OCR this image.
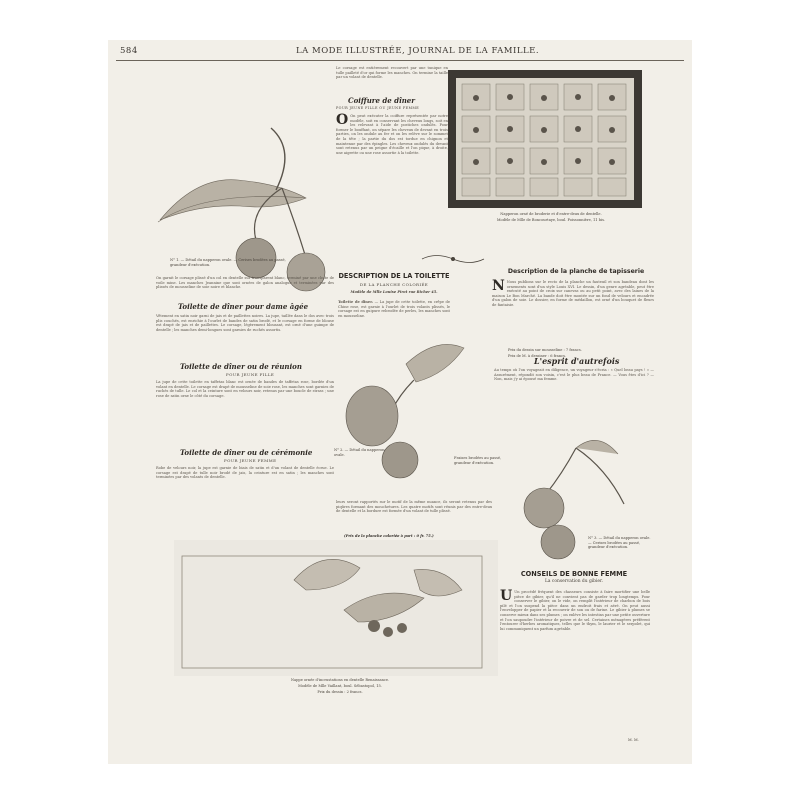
584	LA MODE ILLUSTRÉE, JOURNAL DE LA FAMILLE.
N° 1. — Détail du napperon ovale. — Cerises brodées au passé, grandeur d'exécution.
On garnit le corsage plissé d'un col en dentelle sur transparent blanc, terminé par une chute de voile mine. Les manches Jeannine que sont ornées de galon analogue et terminées par des plissés de mousseline de soie noire et blanche.
Toilette de dîner pour dame âgée
Vêtement en satin noir garni de jais et de paillettes noires. La jupe, taillée dans le dos avec trois plis couchés, est enrichie à l'ourlet de bandes de satin brodé, et le corsage en forme de blouse est drapé de jais et de paillettes. Le corsage, légèrement blousant, est orné d'une guimpe de dentelle ; les manches demi-longues sont garnies de ruchés assortis.
Toilette de dîner ou de réunion
POUR JEUNE FILLE
La jupe de cette toilette en taffetas blanc est ornée de bandes de taffetas rose, bordée d'un volant en dentelle. Le corsage est drapé de mousseline de soie rose, les manches sont garnies de ruchés de tulle. Le col et la ceinture sont en velours noir, retenus par une boucle de strass ; une rose de satin orne le côté du corsage.
Toilette de dîner ou de cérémonie
POUR JEUNE FEMME
Robe de velours noir, la jupe est garnie de biais de satin et d'un volant de dentelle écrue. Le corsage est drapé de tulle noir brodé de jais, la ceinture est en satin ; les manches sont terminées par des volants de dentelle.
Le corsage est entièrement recouvert par une tunique en tulle pailleté d'or qui forme les manches. On termine la taille par un volant de dentelle.
Coiffure de dîner
POUR JEUNE FILLE OU JEUNE FEMME
O On peut exécuter la coiffure représentée par notre modèle, soit en conservant les cheveux longs, soit en les relevant à l'aide de postiches ondulés. Pour former le bouffant, on sépare les cheveux de devant en trois parties, on les ondule au fer et on les relève sur le sommet de la tête ; la partie du dos est tordue en chignon et maintenue par des épingles. Les cheveux ondulés du devant sont retenus par un peigne d'écaille et l'on pique, à droite, une aigrette ou une rose assortie à la toilette.
Napperon orné de broderie et d'entre-deux de dentelle.
Modèle de Mlle de Boncourtaye, boul. Poissonnière, 11 bis.
DESCRIPTION DE LA TOILETTE
DE LA PLANCHE COLORIÉE
Modèle de Mlle Louise Pirot rue Richer 45.
Toilette de dîner. — La jupe de cette toilette, en crêpe de Chine rose, est garnie à l'ourlet de trois volants plissés, le corsage est en guipure rebrodée de perles, les manches sont en mousseline.
N° 2. — Détail du napperon ovale.
Fraises brodées au passé, grandeur d'exécution.
leurs seront rapportés sur le motif de la même nuance, ils seront retenus par des piqûres formant des mouchetures. Les quatre motifs sont réunis par des entre-deux de dentelle et la bordure est formée d'un volant de tulle plissé.
(Prix de la planche coloriée à part : 0 fr. 75.)
Description de la planche de tapisserie
N Nous publions sur le recto de la planche un fauteuil et son bandeau dont les ornements sont d'un style Louis XVI. Le dessin, d'un genre agréable, peut être exécuté au point de croix sur canevas ou au petit point, avec des laines de la maison Le Bon Marché. La bande doit être montée sur un fond de velours et encadrée d'un galon de soie. Le dossier, en forme de médaillon, est orné d'un bouquet de fleurs de fantaisie.
Prix du dessin sur mousseline : 7 francs.
Prix de M. à dessiner : 6 francs.
L'esprit d'autrefois
Au temps où l'on voyageait en diligence, un voyageur s'écria : « Quel beau pays ! » — Assurément, répondit son voisin, c'est le plus beau de France. — Vous êtes d'ici ? — Non, mais j'y ai épousé ma femme.
N° 3. — Détail du napperon ovale. — Cerises brodées au passé, grandeur d'exécution.
Nappe ornée d'incrustations en dentelle Renaissance.
Modèle de Mlle Vaillant, boul. Sébastopol, 15.
Prix du dessin : 2 francs.
CONSEILS DE BONNE FEMME
La conservation du gibier.
U Un procédé fréquent des chasseurs consiste à faire mortifier une belle pièce de gibier, qu'il ne convient pas de garder trop longtemps. Pour conserver le gibier, on le vide, on remplit l'intérieur de charbon de bois pilé et l'on suspend la pièce dans un endroit frais et aéré. On peut aussi l'envelopper de papier et la recouvrir de son ou de farine. Le gibier à plumes se conserve mieux dans ses plumes ; on enlève les intestins par une petite ouverture et l'on saupoudre l'intérieur de poivre et de sel. Certaines ménagères préfèrent l'entourer d'herbes aromatiques, telles que le thym, le laurier et le serpolet, qui lui communiquent un parfum agréable.
M. M.
